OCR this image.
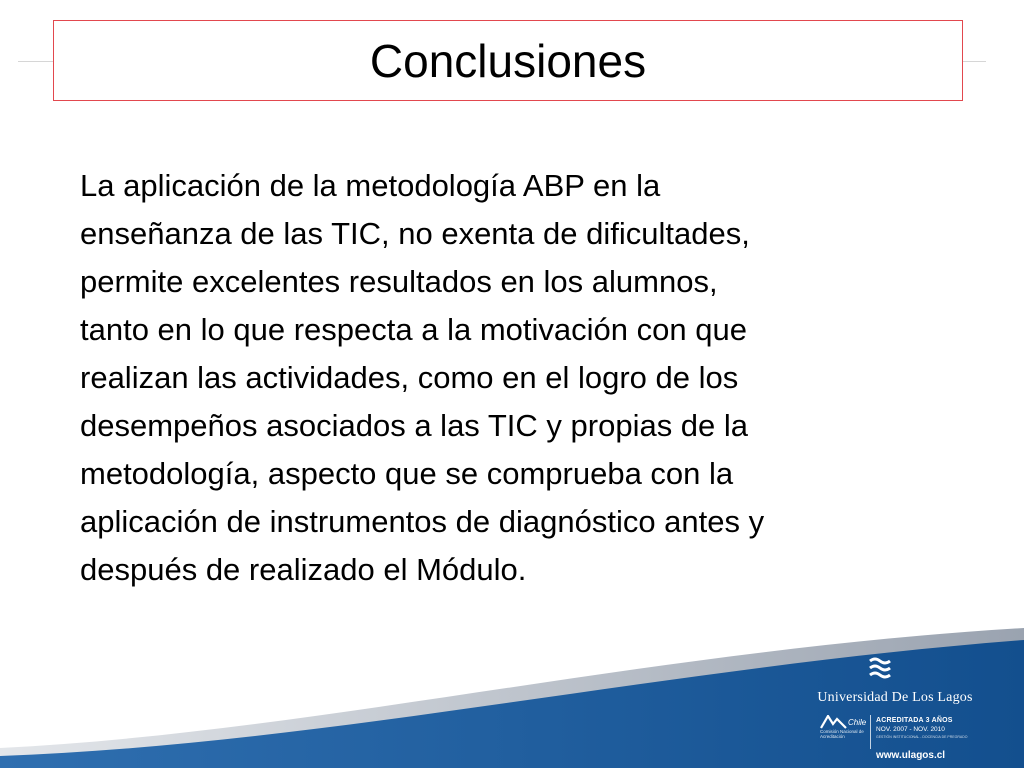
Conclusiones
La aplicación de la metodología ABP en la
enseñanza de las TIC, no exenta de dificultades,
permite excelentes resultados en los alumnos,
tanto en lo que respecta a la motivación con que
realizan las actividades, como en el logro de los
desempeños asociados a las TIC y propias de la
metodología, aspecto que se comprueba con la
aplicación de instrumentos de diagnóstico antes y
después de realizado el Módulo.
Universidad De Los Lagos
Chile
Comisión Nacional de Acreditación
ACREDITADA 3 AÑOS
NOV. 2007 - NOV. 2010
GESTIÓN INSTITUCIONAL - DOCENCIA DE PREGRADO
www.ulagos.cl
